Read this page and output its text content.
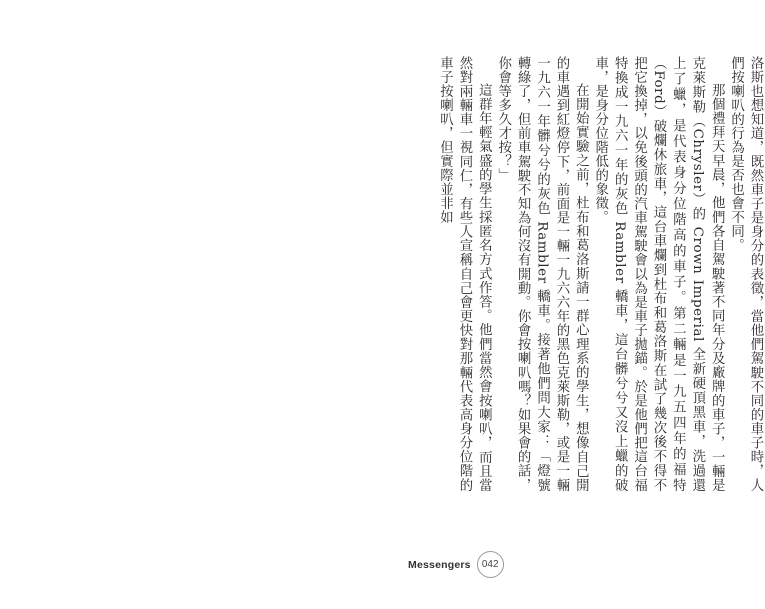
洛斯也想知道，既然車子是身分的表徵，當他們駕駛不同的車子時，人們按喇叭的行為是否也會不同。

那個禮拜天早晨，他們各自駕駛著不同年分及廠牌的車子，一輛是克萊斯勒（Chrysler）的 Crown Imperial 全新硬頂黑車，洗過還上了蠟，是代表身分位階高的車子。第二輛是一九五四年的福特（Ford）破爛休旅車，這台車爛到杜布和葛洛斯在試了幾次後不得不把它換掉，以免後頭的汽車駕駛會以為是車子拋錨。於是他們把這台福特換成一九六一年的灰色 Rambler 轎車，這台髒兮兮又沒上蠟的破車，是身分位階低的象徵。

在開始實驗之前，杜布和葛洛斯請一群心理系的學生，想像自己開的車遇到紅燈停下，前面是一輛一九六六年的黑色克萊斯勒，或是一輛一九六一年髒兮兮的灰色 Rambler 轎車。接著他們問大家：「燈號轉綠了，但前車駕駛不知為何沒有開動。你會按喇叭嗎？如果會的話，你會等多久才按？」

這群年輕氣盛的學生採匿名方式作答。他們當然會按喇叭，而且當然對兩輛車一視同仁，有些人宣稱自己會更快對那輛代表高身分位階的車子按喇叭，但實際並非如

Messengers	042
